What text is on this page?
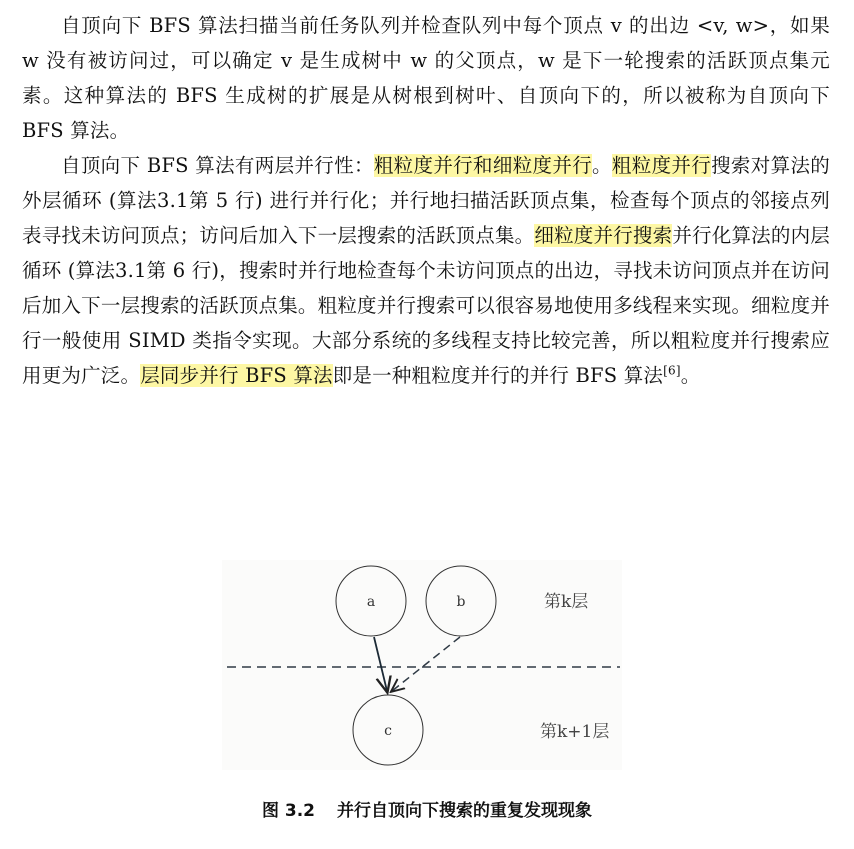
自顶向下 BFS 算法扫描当前任务队列并检查队列中每个顶点 v 的出边 <v, w>，如果 w 没有被访问过，可以确定 v 是生成树中 w 的父顶点，w 是下一轮搜索的活跃顶点集元素。这种算法的 BFS 生成树的扩展是从树根到树叶、自顶向下的，所以被称为自顶向下 BFS 算法。

自顶向下 BFS 算法有两层并行性：粗粒度并行和细粒度并行。粗粒度并行搜索对算法的外层循环 (算法3.1第 5 行) 进行并行化；并行地扫描活跃顶点集，检查每个顶点的邻接点列表寻找未访问顶点；访问后加入下一层搜索的活跃顶点集。细粒度并行搜索并行化算法的内层循环 (算法3.1第 6 行)，搜索时并行地检查每个未访问顶点的出边，寻找未访问顶点并在访问后加入下一层搜索的活跃顶点集。粗粒度并行搜索可以很容易地使用多线程来实现。细粒度并行一般使用 SIMD 类指令实现。大部分系统的多线程支持比较完善，所以粗粒度并行搜索应用更为广泛。层同步并行 BFS 算法即是一种粗粒度并行的并行 BFS 算法[6]。

a	b
c
第k层
第k+1层
图 3.2 并行自顶向下搜索的重复发现现象
